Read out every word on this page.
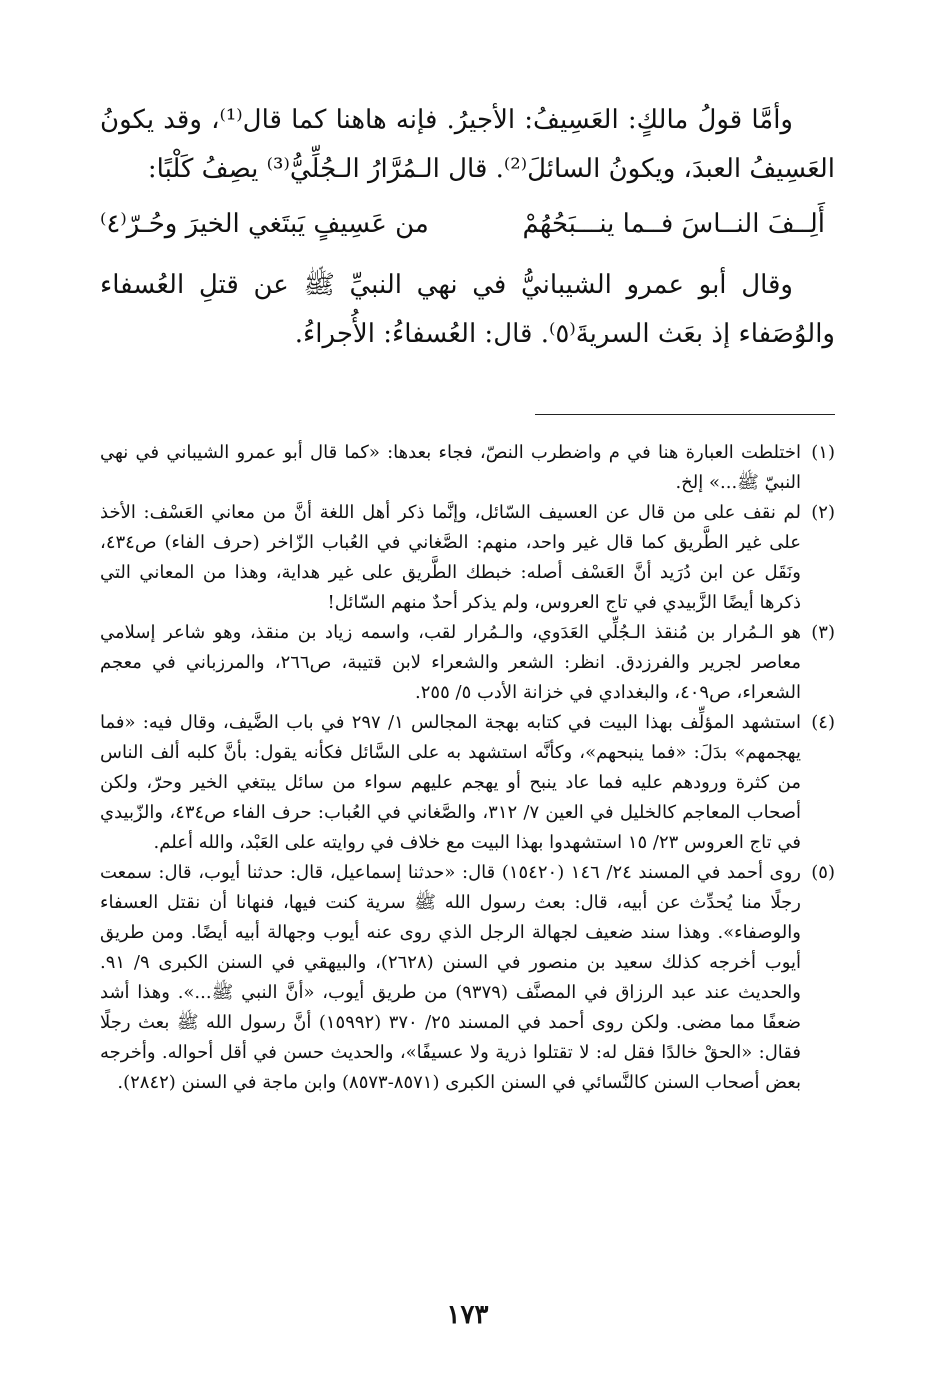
وأمَّا قولُ مالكٍ: العَسِيفُ: الأجيرُ. فإنه هاهنا كما قال⁽¹⁾، وقد يكونُ العَسِيفُ العبدَ، ويكونُ السائلَ⁽²⁾. قال الـمُرَّارُ الـجُلِّيُّ⁽³⁾ يصِفُ كَلْبًا:

أَلِــفَ النــاسَ فــما ينـــبَحُهُمْ
من عَسِيفٍ يَبتَغي الخيرَ وحُـرّ⁽٤⁾

وقال أبو عمرو الشيبانيُّ في نهي النبيِّ ﷺ عن قتلِ العُسفاء والوُصَفاء إذ بعَث السريةَ⁽٥⁾. قال: العُسفاءُ: الأُجراءُ.

(١)
اختلطت العبارة هنا في م واضطرب النصّ، فجاء بعدها: «كما قال أبو عمرو الشيباني في نهي النبيّ ﷺ...» إلخ.
(٢)
لم نقف على من قال عن العسيف السّائل، وإنَّما ذكر أهل اللغة أنَّ من معاني العَسْف: الأخذ على غير الطَّريق كما قال غير واحد، منهم: الصَّغاني في العُباب الزّاخر (حرف الفاء) ص٤٣٤، ونَقَل عن ابن دُرَيد أنَّ العَسْف أصله: خبطك الطَّريق على غير هداية، وهذا من المعاني التي ذكرها أيضًا الزَّبيدي في تاج العروس، ولم يذكر أحدٌ منهم السّائل!
(٣)
هو الـمُرار بن مُنقذ الـجُلِّي العَدَوي، والـمُرار لقب، واسمه زياد بن منقذ، وهو شاعر إسلامي معاصر لجرير والفرزدق. انظر: الشعر والشعراء لابن قتيبة، ص٢٦٦، والمرزباني في معجم الشعراء، ص٤٠٩، والبغدادي في خزانة الأدب ٥/ ٢٥٥.
(٤)
استشهد المؤلِّف بهذا البيت في كتابه بهجة المجالس ١/ ٢٩٧ في باب الضَّيف، وقال فيه: «فما يهجمهم» بدَلَ: «فما ينبحهم»، وكأنَّه استشهد به على السَّائل فكأنه يقول: بأنَّ كلبه ألف الناس من كثرة ورودهم عليه فما عاد ينبح أو يهجم عليهم سواء من سائل يبتغي الخير وحرّ، ولكن أصحاب المعاجم كالخليل في العين ٧/ ٣١٢، والصَّغاني في العُباب: حرف الفاء ص٤٣٤، والزّبيدي في تاج العروس ٢٣/ ١٥ استشهدوا بهذا البيت مع خلاف في روايته على العَبْد، والله أعلم.
(٥)
روى أحمد في المسند ٢٤/ ١٤٦ (١٥٤٢٠) قال: «حدثنا إسماعيل، قال: حدثنا أيوب، قال: سمعت رجلًا منا يُحدِّث عن أبيه، قال: بعث رسول الله ﷺ سرية كنت فيها، فنهانا أن نقتل العسفاء والوصفاء». وهذا سند ضعيف لجهالة الرجل الذي روى عنه أيوب وجهالة أبيه أيضًا. ومن طريق أيوب أخرجه كذلك سعيد بن منصور في السنن (٢٦٢٨)، والبيهقي في السنن الكبرى ٩/ ٩١. والحديث عند عبد الرزاق في المصنَّف (٩٣٧٩) من طريق أيوب، «أنَّ النبي ﷺ...». وهذا أشد ضعفًا مما مضى. ولكن روى أحمد في المسند ٢٥/ ٣٧٠ (١٥٩٩٢) أنَّ رسول الله ﷺ بعث رجلًا فقال: «الحقْ خالدًا فقل له: لا تقتلوا ذرية ولا عسيفًا»، والحديث حسن في أقل أحواله. وأخرجه بعض أصحاب السنن كالنَّسائي في السنن الكبرى (٨٥٧١-٨٥٧٣) وابن ماجة في السنن (٢٨٤٢).
١٧٣
